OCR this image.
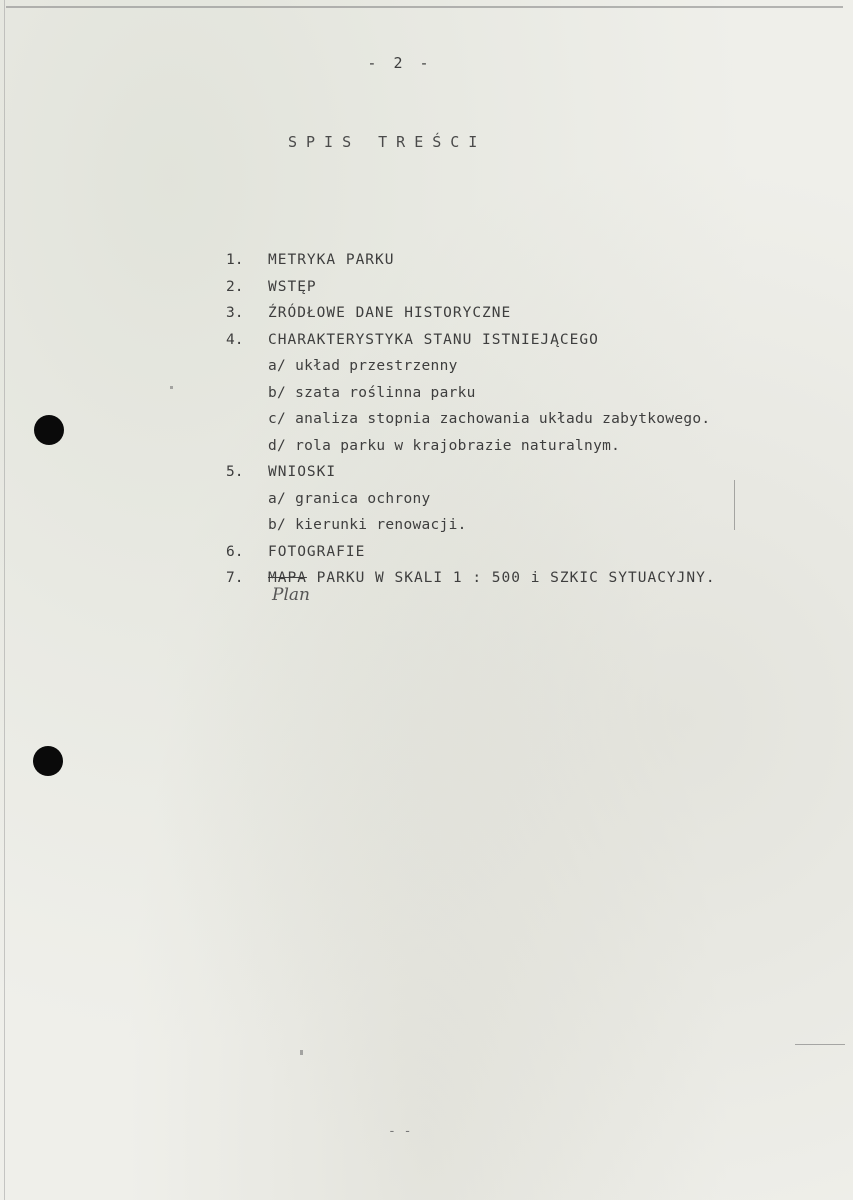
- 2 -
SPIS TREŚCI
1.	METRYKA PARKU
2.	WSTĘP
3.	ŹRÓDŁOWE DANE HISTORYCZNE
4.	CHARAKTERYSTYKA STANU ISTNIEJĄCEGO
a/ układ przestrzenny
b/ szata roślinna parku
c/ analiza stopnia zachowania układu zabytkowego.
d/ rola parku w krajobrazie naturalnym.
5.	WNIOSKI
a/ granica ochrony
b/ kierunki renowacji.
6.	FOTOGRAFIE
7.	MAPA PARKU W SKALI 1 : 500 i SZKIC SYTUACYJNY.
Plan
- -
